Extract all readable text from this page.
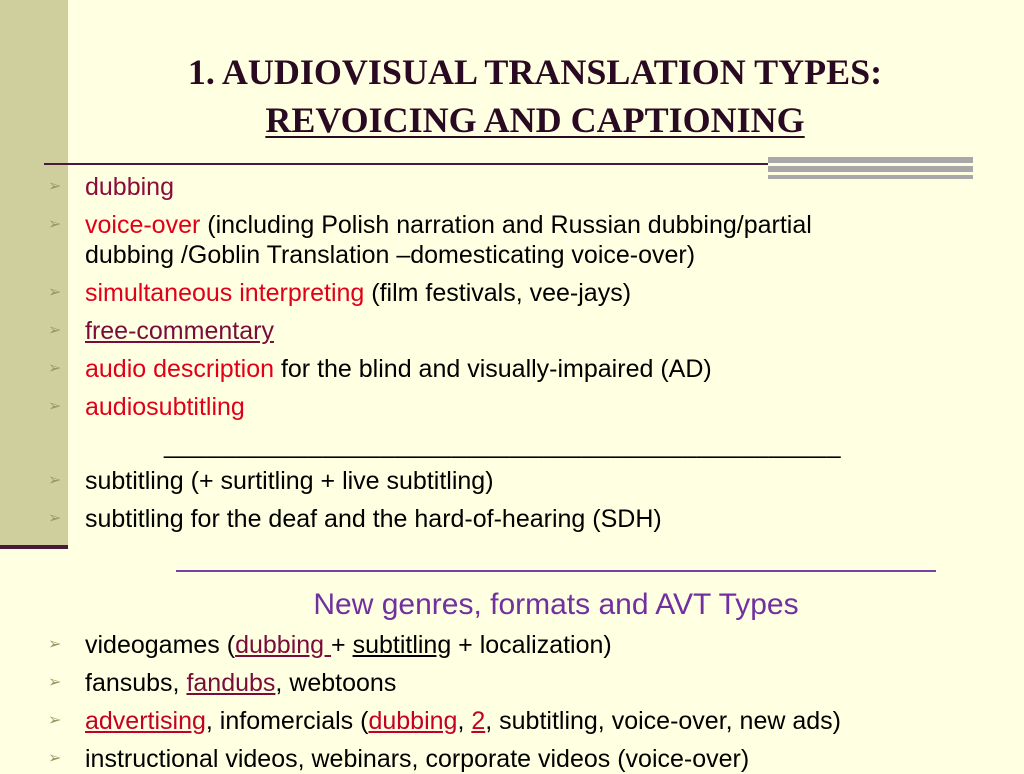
1. AUDIOVISUAL TRANSLATION TYPES:
REVOICING AND CAPTIONING
➢ dubbing
➢ voice-over (including Polish narration and Russian dubbing/partial
dubbing /Goblin Translation –domesticating voice-over)
➢ simultaneous interpreting (film festivals, vee-jays)
➢ free-commentary
➢ audio description for the blind and visually-impaired (AD)
➢ audiosubtitling
_______________________________________________
➢ subtitling (+ surtitling + live subtitling)
➢ subtitling for the deaf and the hard-of-hearing (SDH)
New genres, formats and AVT Types
➢ videogames (dubbing + subtitling + localization)
➢ fansubs, fandubs, webtoons
➢ advertising, infomercials (dubbing, 2, subtitling, voice-over, new ads)
➢ instructional videos, webinars, corporate videos (voice-over)
